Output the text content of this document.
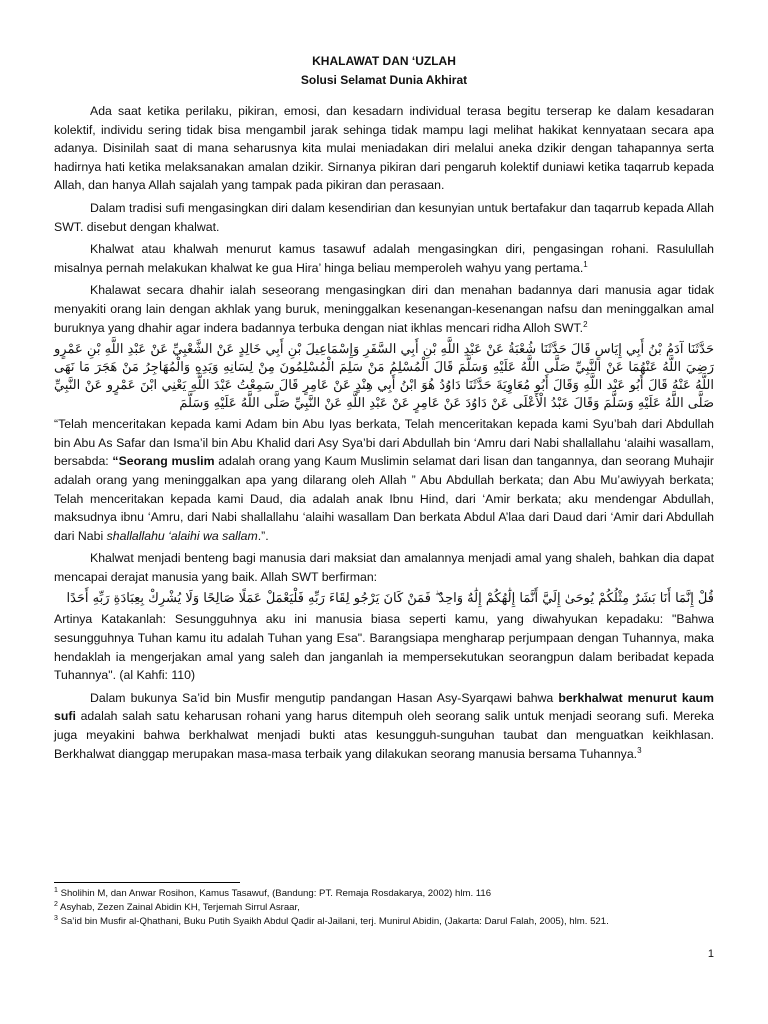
KHALAWAT DAN ‘UZLAH
Solusi Selamat Dunia Akhirat

Ada saat ketika perilaku, pikiran, emosi, dan kesadarn individual terasa begitu terserap ke dalam kesadaran kolektif, individu sering tidak bisa mengambil jarak sehinga tidak mampu lagi melihat hakikat kennyataan secara apa adanya. Disinilah saat di mana seharusnya kita mulai meniadakan diri melalui aneka dzikir dengan tahapannya serta hadirnya hati ketika melaksanakan amalan dzikir. Sirnanya pikiran dari pengaruh kolektif duniawi ketika taqarrub kepada Allah, dan hanya Allah sajalah yang tampak pada pikiran dan perasaan.

Dalam tradisi sufi mengasingkan diri dalam kesendirian dan kesunyian untuk bertafakur dan taqarrub kepada Allah SWT. disebut dengan khalwat.

Khalwat atau khalwah menurut kamus tasawuf adalah mengasingkan diri, pengasingan rohani. Rasulullah misalnya pernah melakukan khalwat ke gua Hira’ hinga beliau memperoleh wahyu yang pertama.$^1$

Khalawat secara dhahir ialah seseorang mengasingkan diri dan menahan badannya dari manusia agar tidak menyakiti orang lain dengan akhlak yang buruk, meninggalkan kesenangan-kesenangan nafsu dan meninggalkan amal buruknya yang dhahir agar indera badannya terbuka dengan niat ikhlas mencari ridha Alloh SWT.$^2$

حَدَّثَنَا آدَمُ بْنُ أَبِي إِيَاسٍ قَالَ حَدَّثَنَا شُعْبَةُ عَنْ عَبْدِ اللَّهِ بْنِ أَبِي السَّفَرِ وَإِسْمَاعِيلَ بْنِ أَبِي خَالِدٍ عَنْ الشَّعْبِيِّ عَنْ عَبْدِ اللَّهِ بْنِ عَمْرٍو رَضِيَ اللَّهُ عَنْهُمَا عَنْ النَّبِيِّ صَلَّى اللَّهُ عَلَيْهِ وَسَلَّمَ قَالَ الْمُسْلِمُ مَنْ سَلِمَ الْمُسْلِمُونَ مِنْ لِسَانِهِ وَيَدِهِ وَالْمُهَاجِرُ مَنْ هَجَرَ مَا نَهَى اللَّهُ عَنْهُ قَالَ أَبُو عَبْد اللَّهِ وَقَالَ أَبُو مُعَاوِيَةَ حَدَّثَنَا دَاوُدُ هُوَ ابْنُ أَبِي هِنْدٍ عَنْ عَامِرٍ قَالَ سَمِعْتُ عَبْدَ اللَّهِ يَعْنِي ابْنَ عَمْرٍو عَنْ النَّبِيِّ صَلَّى اللَّهُ عَلَيْهِ وَسَلَّمَ وَقَالَ عَبْدُ الْأَعْلَى عَنْ دَاوُدَ عَنْ عَامِرٍ عَنْ عَبْدِ اللَّهِ عَنْ النَّبِيِّ صَلَّى اللَّهُ عَلَيْهِ وَسَلَّمَ

“Telah menceritakan kepada kami Adam bin Abu Iyas berkata, Telah menceritakan kepada kami Syu’bah dari Abdullah bin Abu As Safar dan Isma’il bin Abu Khalid dari Asy Sya’bi dari Abdullah bin ‘Amru dari Nabi shallallahu ‘alaihi wasallam, bersabda: “Seorang muslim adalah orang yang Kaum Muslimin selamat dari lisan dan tangannya, dan seorang Muhajir adalah orang yang meninggalkan apa yang dilarang oleh Allah ” Abu Abdullah berkata; dan Abu Mu’awiyyah berkata; Telah menceritakan kepada kami Daud, dia adalah anak Ibnu Hind, dari ‘Amir berkata; aku mendengar Abdullah, maksudnya ibnu ‘Amru, dari Nabi shallallahu ‘alaihi wasallam Dan berkata Abdul A’laa dari Daud dari ‘Amir dari Abdullah dari Nabi shallallahu ‘alaihi wa sallam.”.

Khalwat menjadi benteng bagi manusia dari maksiat dan amalannya menjadi amal yang shaleh, bahkan dia dapat mencapai derajat manusia yang baik. Allah SWT berfirman:

قُلْ إِنَّمَا أَنَا بَشَرٌ مِثْلُكُمْ يُوحَىٰ إِلَيَّ أَنَّمَا إِلَٰهُكُمْ إِلَٰهٌ وَاحِدٌ ۖ فَمَنْ كَانَ يَرْجُو لِقَاءَ رَبِّهِ فَلْيَعْمَلْ عَمَلًا صَالِحًا وَلَا يُشْرِكْ بِعِبَادَةِ رَبِّهِ أَحَدًا

Artinya Katakanlah: Sesungguhnya aku ini manusia biasa seperti kamu, yang diwahyukan kepadaku: "Bahwa sesungguhnya Tuhan kamu itu adalah Tuhan yang Esa". Barangsiapa mengharap perjumpaan dengan Tuhannya, maka hendaklah ia mengerjakan amal yang saleh dan janganlah ia mempersekutukan seorangpun dalam beribadat kepada Tuhannya". (al Kahfi: 110)

Dalam bukunya Sa’id bin Musfir mengutip pandangan Hasan Asy-Syarqawi bahwa berkhalwat menurut kaum sufi adalah salah satu keharusan rohani yang harus ditempuh oleh seorang salik untuk menjadi seorang sufi. Mereka juga meyakini bahwa berkhalwat menjadi bukti atas kesungguh-sunguhan taubat dan menguatkan keikhlasan. Berkhalwat dianggap merupakan masa-masa terbaik yang dilakukan seorang manusia bersama Tuhannya.$^3$

$^1$ Sholihin M, dan Anwar Rosihon, Kamus Tasawuf, (Bandung: PT. Remaja Rosdakarya, 2002) hlm. 116

$^2$ Asyhab, Zezen Zainal Abidin KH, Terjemah Sirrul Asraar,

$^3$ Sa’id bin Musfir al-Qhathani, Buku Putih Syaikh Abdul Qadir al-Jailani, terj. Munirul Abidin, (Jakarta: Darul Falah, 2005), hlm. 521.

1
